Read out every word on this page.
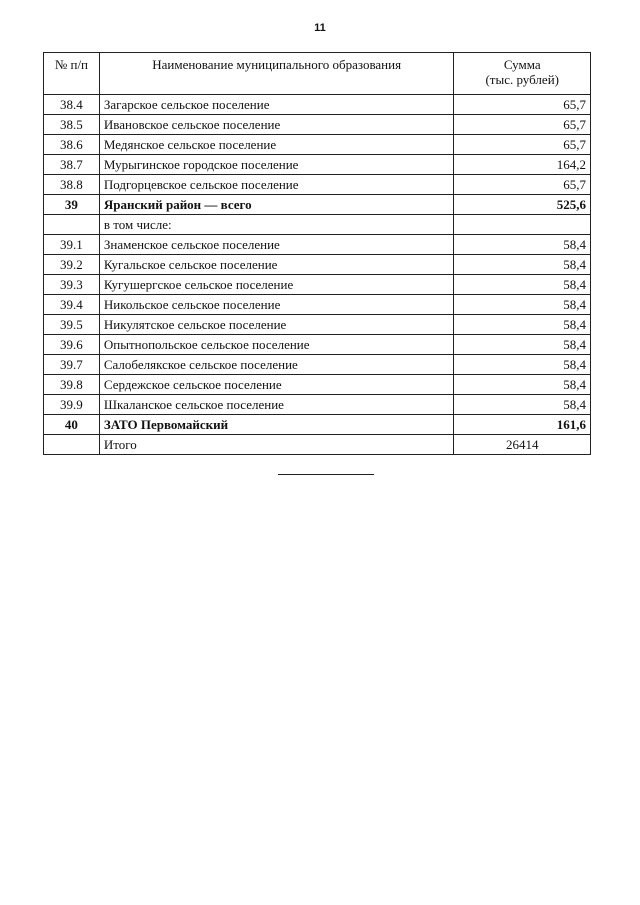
11
№ п/п	Наименование муниципального образования	Сумма
(тыс. рублей)

38.4	Загарское сельское поселение	65,7
38.5	Ивановское сельское поселение	65,7
38.6	Медянское сельское поселение	65,7
38.7	Мурыгинское городское поселение	164,2
38.8	Подгорцевское сельское поселение	65,7
39	Яранский район — всего	525,6
	в том числе:	
39.1	Знаменское сельское поселение	58,4
39.2	Кугальское сельское поселение	58,4
39.3	Кугушергское сельское поселение	58,4
39.4	Никольское сельское поселение	58,4
39.5	Никулятское сельское поселение	58,4
39.6	Опытнопольское сельское поселение	58,4
39.7	Салобелякское сельское поселение	58,4
39.8	Сердежское сельское поселение	58,4
39.9	Шкаланское сельское поселение	58,4
40	ЗАТО Первомайский	161,6
	Итого	26414
